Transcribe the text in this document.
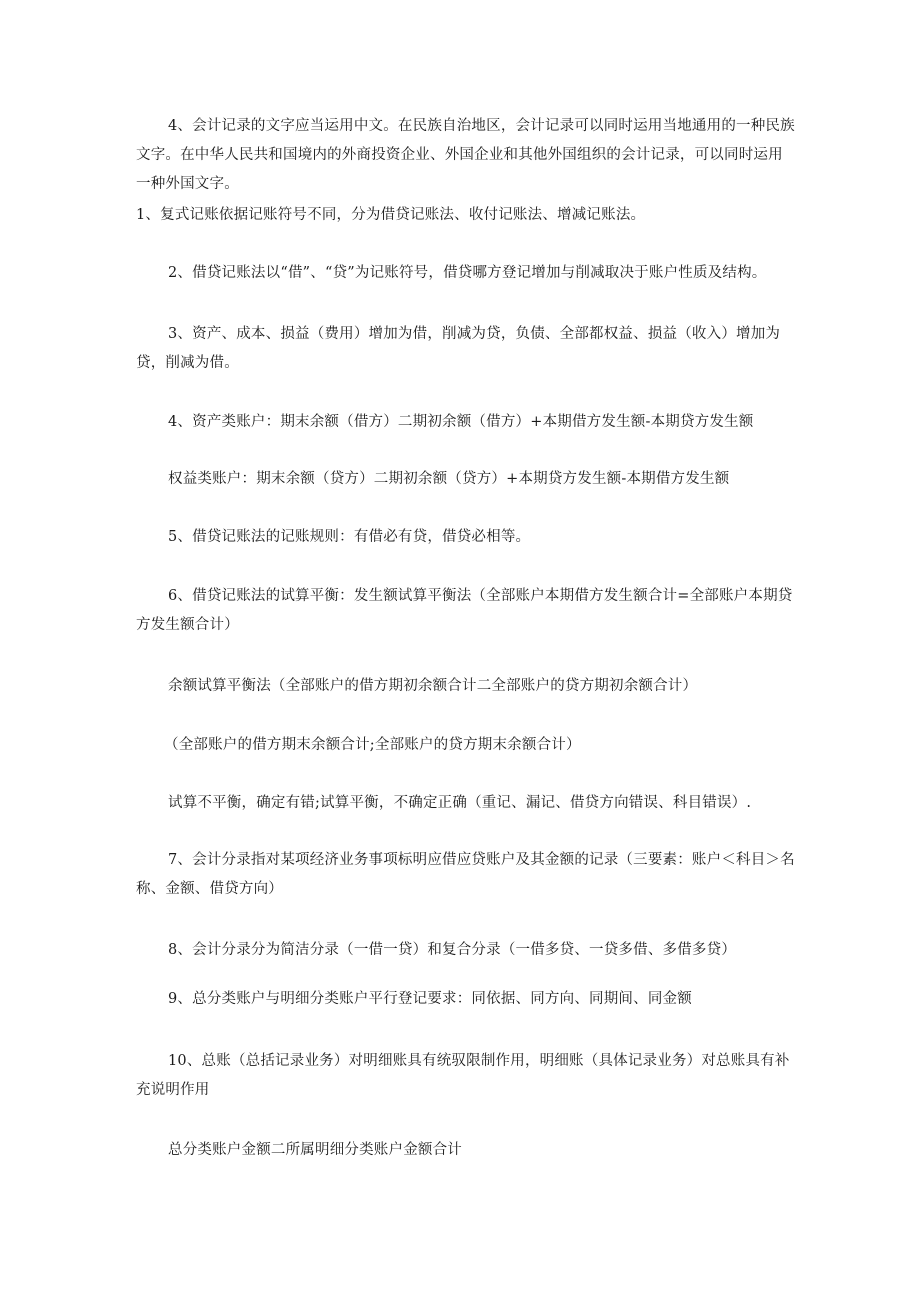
4、会计记录的文字应当运用中文。在民族自治地区，会计记录可以同时运用当地通用的一种民族文字。在中华人民共和国境内的外商投资企业、外国企业和其他外国组织的会计记录，可以同时运用一种外国文字。

1、复式记账依据记账符号不同，分为借贷记账法、收付记账法、增减记账法。

2、借贷记账法以“借”、“贷”为记账符号，借贷哪方登记增加与削减取决于账户性质及结构。

3、资产、成本、损益（费用）增加为借，削减为贷，负债、全部都权益、损益（收入）增加为贷，削减为借。

4、资产类账户：期末余额（借方）二期初余额（借方）+本期借方发生额-本期贷方发生额

权益类账户：期末余额（贷方）二期初余额（贷方）+本期贷方发生额-本期借方发生额

5、借贷记账法的记账规则：有借必有贷，借贷必相等。

6、借贷记账法的试算平衡：发生额试算平衡法（全部账户本期借方发生额合计=全部账户本期贷方发生额合计）

余额试算平衡法（全部账户的借方期初余额合计二全部账户的贷方期初余额合计）

（全部账户的借方期末余额合计;全部账户的贷方期末余额合计）

试算不平衡，确定有错;试算平衡，不确定正确（重记、漏记、借贷方向错误、科目错误）.

7、会计分录指对某项经济业务事项标明应借应贷账户及其金额的记录（三要素：账户＜科目＞名称、金额、借贷方向）

8、会计分录分为简洁分录（一借一贷）和复合分录（一借多贷、一贷多借、多借多贷）

9、总分类账户与明细分类账户平行登记要求：同依据、同方向、同期间、同金额

10、总账（总括记录业务）对明细账具有统驭限制作用，明细账（具体记录业务）对总账具有补充说明作用

总分类账户金额二所属明细分类账户金额合计
